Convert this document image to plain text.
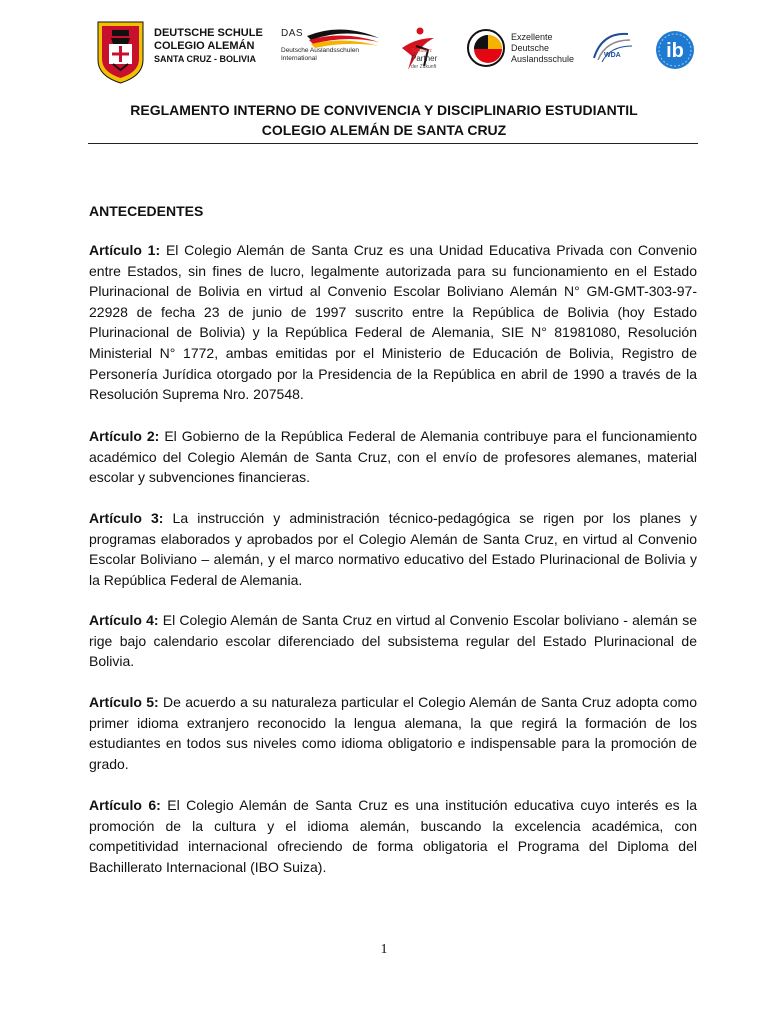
DEUTSCHE SCHULE
COLEGIO ALEMÁN
SANTA CRUZ - BOLIVIA
DAS
Deutsche Auslandsschulen
International
Schulen:
Partner
der Zukunft
Exzellente
Deutsche
Auslandsschule	WDA ib
REGLAMENTO INTERNO DE CONVIVENCIA Y DISCIPLINARIO ESTUDIANTIL
COLEGIO ALEMÁN DE SANTA CRUZ
ANTECEDENTES
Artículo 1: El Colegio Alemán de Santa Cruz es una Unidad Educativa Privada con Convenio entre Estados, sin fines de lucro, legalmente autorizada para su funcionamiento en el Estado Plurinacional de Bolivia en virtud al Convenio Escolar Boliviano Alemán N° GM-GMT-303-97-22928 de fecha 23 de junio de 1997 suscrito entre la República de Bolivia (hoy Estado Plurinacional de Bolivia) y la República Federal de Alemania, SIE N° 81981080, Resolución Ministerial N° 1772, ambas emitidas por el Ministerio de Educación de Bolivia, Registro de Personería Jurídica otorgado por la Presidencia de la República en abril de 1990 a través de la Resolución Suprema Nro. 207548.
Artículo 2: El Gobierno de la República Federal de Alemania contribuye para el funcionamiento académico del Colegio Alemán de Santa Cruz, con el envío de profesores alemanes, material escolar y subvenciones financieras.
Artículo 3: La instrucción y administración técnico-pedagógica se rigen por los planes y programas elaborados y aprobados por el Colegio Alemán de Santa Cruz, en virtud al Convenio Escolar Boliviano – alemán, y el marco normativo educativo del Estado Plurinacional de Bolivia y la República Federal de Alemania.
Artículo 4: El Colegio Alemán de Santa Cruz en virtud al Convenio Escolar boliviano - alemán se rige bajo calendario escolar diferenciado del subsistema regular del Estado Plurinacional de Bolivia.
Artículo 5: De acuerdo a su naturaleza particular el Colegio Alemán de Santa Cruz adopta como primer idioma extranjero reconocido la lengua alemana, la que regirá la formación de los estudiantes en todos sus niveles como idioma obligatorio e indispensable para la promoción de grado.
Artículo 6: El Colegio Alemán de Santa Cruz es una institución educativa cuyo interés es la promoción de la cultura y el idioma alemán, buscando la excelencia académica, con competitividad internacional ofreciendo de forma obligatoria el Programa del Diploma del Bachillerato Internacional (IBO Suiza).
1
